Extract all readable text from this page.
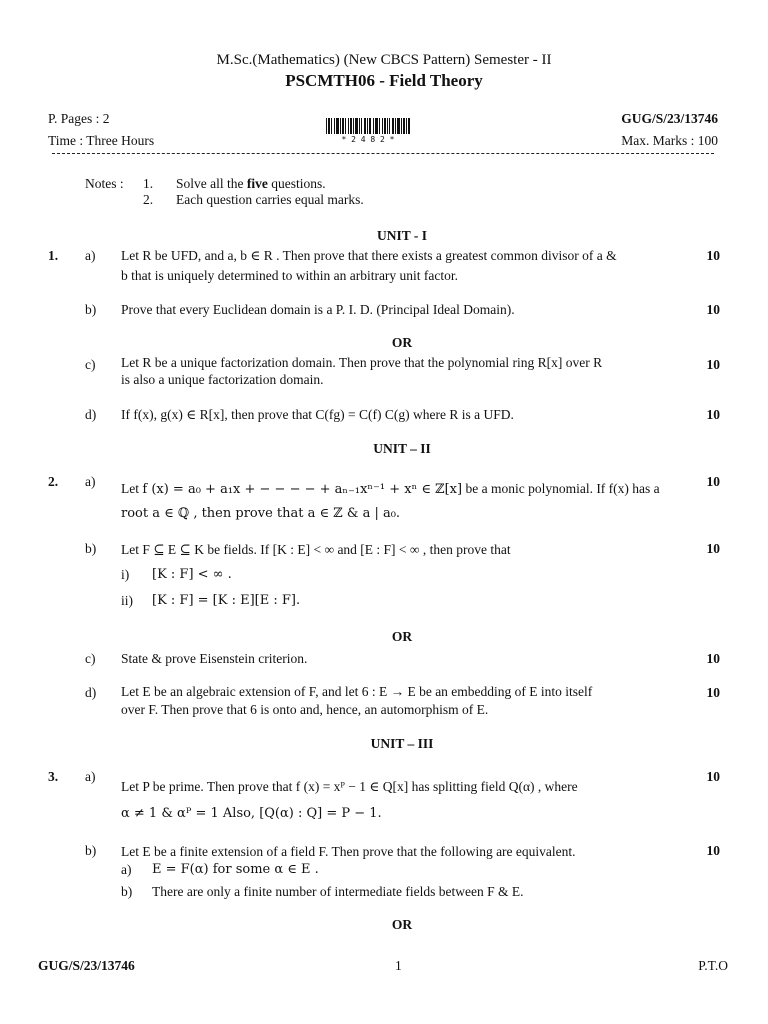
M.Sc.(Mathematics) (New CBCS Pattern) Semester - II
PSCMTH06 - Field Theory
P. Pages : 2
Time : Three Hours
GUG/S/23/13746
Max. Marks : 100
* 2 4 8 2 *
Notes : 1. Solve all the five questions.
2. Each question carries equal marks.
UNIT - I
1. a) Let R be UFD, and a, b ∈ R . Then prove that there exists a greatest common divisor of a &
b that is uniquely determined to within an arbitrary unit factor.
10
b) Prove that every Euclidean domain is a P. I. D. (Principal Ideal Domain).	10
OR
c) Let R be a unique factorization domain. Then prove that the polynomial ring R[x] over R
is also a unique factorization domain.
10
d) If f(x), g(x) ∈ R[x], then prove that C(fg) = C(f) C(g) where R is a UFD.	10
UNIT – II
2. a) Let f (x) = a₀ + a₁x + − − − − + aₙ₋₁xⁿ⁻¹ + xⁿ ∈ ℤ[x] be a monic polynomial. If f(x) has a
root a ∈ ℚ , then prove that a ∈ ℤ & a | a₀.
10
b) Let F ⊆ E ⊆ K be fields. If [K : E] < ∞ and [E : F] < ∞ , then prove that	10
i) [K : F] < ∞ .
ii) [K : F] = [K : E][E : F].
OR
c) State & prove Eisenstein criterion.	10
d) Let E be an algebraic extension of F, and let 6 : E → E be an embedding of E into itself
over F. Then prove that 6 is onto and, hence, an automorphism of E.
10
UNIT – III
3. a)
Let P be prime. Then prove that f (x) = xᴾ − 1 ∈ Q[x] has splitting field Q(α) , where
α ≠ 1 & αᴾ = 1 Also, [Q(α) : Q] = P − 1.
10
b) Let E be a finite extension of a field F. Then prove that the following are equivalent.	10
a) E = F(α) for some α ∈ E .
b) There are only a finite number of intermediate fields between F & E.
OR
GUG/S/23/13746	1	P.T.O
